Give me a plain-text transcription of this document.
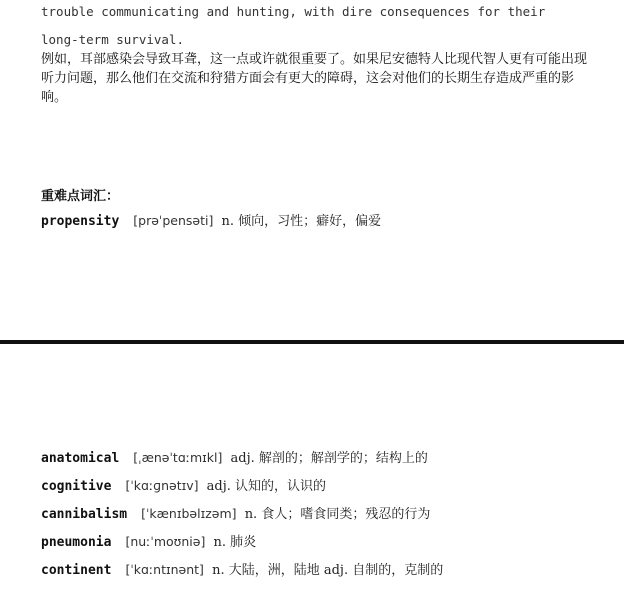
trouble communicating and hunting, with dire consequences for their
long-term survival.

例如，耳部感染会导致耳聋，这一点或许就很重要了。如果尼安德特人比现代智人更有可能出现听力问题，那么他们在交流和狩猎方面会有更大的障碍，这会对他们的长期生存造成严重的影响。

重难点词汇：
propensity [prəˈpensəti] n. 倾向，习性；癖好，偏爱
anatomical [ˌænəˈtɑːmɪkl] adj. 解剖的；解剖学的；结构上的
cognitive [ˈkɑːɡnətɪv] adj. 认知的，认识的
cannibalism [ˈkænɪbəlɪzəm] n. 食人；嗜食同类；残忍的行为
pneumonia [nuːˈmoʊniə] n. 肺炎
continent [ˈkɑːntɪnənt] n. 大陆，洲，陆地 adj. 自制的，克制的
